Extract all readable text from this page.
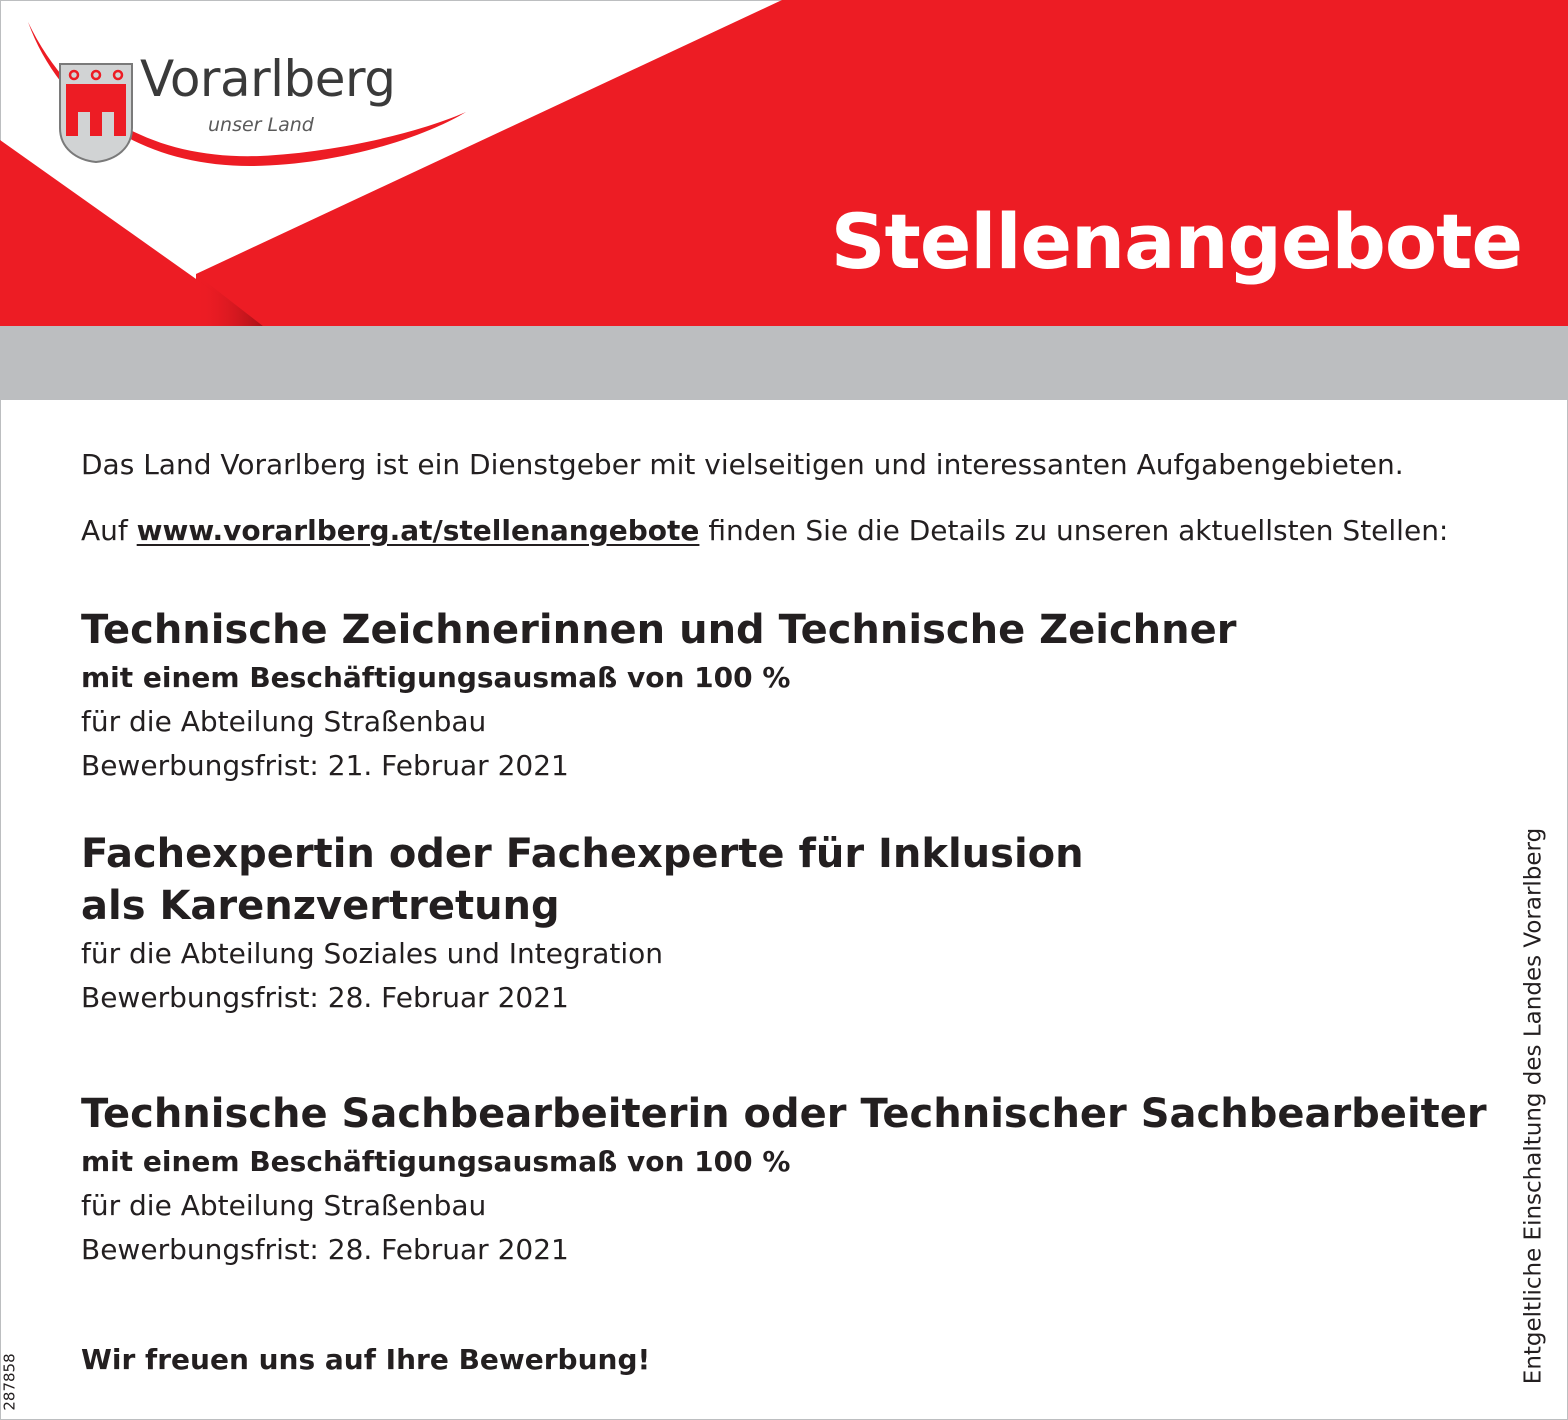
Vorarlberg
unser Land
Stellenangebote

Das Land Vorarlberg ist ein Dienstgeber mit vielseitigen und interessanten Aufgabengebieten.

Auf www.vorarlberg.at/stellenangebote finden Sie die Details zu unseren aktuellsten Stellen:

Technische Zeichnerinnen und Technische Zeichner

mit einem Beschäftigungsausmaß von 100 %

für die Abteilung Straßenbau

Bewerbungsfrist: 21. Februar 2021

Fachexpertin oder Fachexperte für Inklusion
als Karenzvertretung

für die Abteilung Soziales und Integration

Bewerbungsfrist: 28. Februar 2021

Technische Sachbearbeiterin oder Technischer Sachbearbeiter

mit einem Beschäftigungsausmaß von 100 %

für die Abteilung Straßenbau

Bewerbungsfrist: 28. Februar 2021

Wir freuen uns auf Ihre Bewerbung!	Entgeltliche Einschaltung des Landes Vorarlberg
287858
